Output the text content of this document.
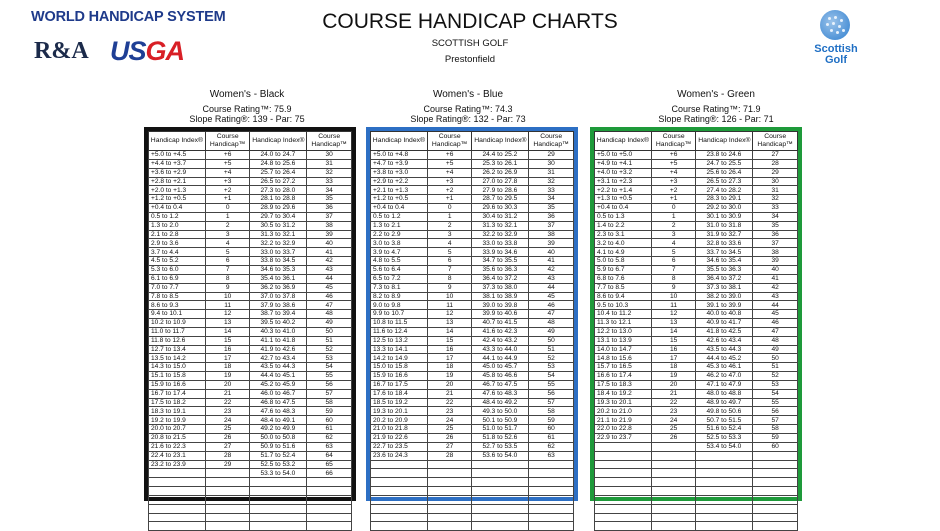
WORLD HANDICAP SYSTEM
R&A USGA
COURSE HANDICAP CHARTS
SCOTTISH GOLF
Prestonfield
Scottish
Golf
Women's - Black
Course Rating™: 75.9
Slope Rating®: 139 - Par: 75
Handicap Index®	Course Handicap™	Handicap Index®	Course Handicap™
+5.0 to +4.5	+6	24.0 to 24.7	30
+4.4 to +3.7	+5	24.8 to 25.6	31
+3.6 to +2.9	+4	25.7 to 26.4	32
+2.8 to +2.1	+3	26.5 to 27.2	33
+2.0 to +1.3	+2	27.3 to 28.0	34
+1.2 to +0.5	+1	28.1 to 28.8	35
+0.4 to 0.4	0	28.9 to 29.6	36
0.5 to 1.2	1	29.7 to 30.4	37
1.3 to 2.0	2	30.5 to 31.2	38
2.1 to 2.8	3	31.3 to 32.1	39
2.9 to 3.6	4	32.2 to 32.9	40
3.7 to 4.4	5	33.0 to 33.7	41
4.5 to 5.2	6	33.8 to 34.5	42
5.3 to 6.0	7	34.6 to 35.3	43
6.1 to 6.9	8	35.4 to 36.1	44
7.0 to 7.7	9	36.2 to 36.9	45
7.8 to 8.5	10	37.0 to 37.8	46
8.6 to 9.3	11	37.9 to 38.6	47
9.4 to 10.1	12	38.7 to 39.4	48
10.2 to 10.9	13	39.5 to 40.2	49
11.0 to 11.7	14	40.3 to 41.0	50
11.8 to 12.6	15	41.1 to 41.8	51
12.7 to 13.4	16	41.9 to 42.6	52
13.5 to 14.2	17	42.7 to 43.4	53
14.3 to 15.0	18	43.5 to 44.3	54
15.1 to 15.8	19	44.4 to 45.1	55
15.9 to 16.6	20	45.2 to 45.9	56
16.7 to 17.4	21	46.0 to 46.7	57
17.5 to 18.2	22	46.8 to 47.5	58
18.3 to 19.1	23	47.6 to 48.3	59
19.2 to 19.9	24	48.4 to 49.1	60
20.0 to 20.7	25	49.2 to 49.9	61
20.8 to 21.5	26	50.0 to 50.8	62
21.6 to 22.3	27	50.9 to 51.6	63
22.4 to 23.1	28	51.7 to 52.4	64
23.2 to 23.9	29	52.5 to 53.2	65
		53.3 to 54.0	66

Women's - Blue
Course Rating™: 74.3
Slope Rating®: 132 - Par: 73
Handicap Index®	Course Handicap™	Handicap Index®	Course Handicap™
+5.0 to +4.8	+6	24.4 to 25.2	29
+4.7 to +3.9	+5	25.3 to 26.1	30
+3.8 to +3.0	+4	26.2 to 26.9	31
+2.9 to +2.2	+3	27.0 to 27.8	32
+2.1 to +1.3	+2	27.9 to 28.6	33
+1.2 to +0.5	+1	28.7 to 29.5	34
+0.4 to 0.4	0	29.6 to 30.3	35
0.5 to 1.2	1	30.4 to 31.2	36
1.3 to 2.1	2	31.3 to 32.1	37
2.2 to 2.9	3	32.2 to 32.9	38
3.0 to 3.8	4	33.0 to 33.8	39
3.9 to 4.7	5	33.9 to 34.6	40
4.8 to 5.5	6	34.7 to 35.5	41
5.6 to 6.4	7	35.6 to 36.3	42
6.5 to 7.2	8	36.4 to 37.2	43
7.3 to 8.1	9	37.3 to 38.0	44
8.2 to 8.9	10	38.1 to 38.9	45
9.0 to 9.8	11	39.0 to 39.8	46
9.9 to 10.7	12	39.9 to 40.6	47
10.8 to 11.5	13	40.7 to 41.5	48
11.6 to 12.4	14	41.6 to 42.3	49
12.5 to 13.2	15	42.4 to 43.2	50
13.3 to 14.1	16	43.3 to 44.0	51
14.2 to 14.9	17	44.1 to 44.9	52
15.0 to 15.8	18	45.0 to 45.7	53
15.9 to 16.6	19	45.8 to 46.6	54
16.7 to 17.5	20	46.7 to 47.5	55
17.6 to 18.4	21	47.6 to 48.3	56
18.5 to 19.2	22	48.4 to 49.2	57
19.3 to 20.1	23	49.3 to 50.0	58
20.2 to 20.9	24	50.1 to 50.9	59
21.0 to 21.8	25	51.0 to 51.7	60
21.9 to 22.6	26	51.8 to 52.6	61
22.7 to 23.5	27	52.7 to 53.5	62
23.6 to 24.3	28	53.6 to 54.0	63

Women's - Green
Course Rating™: 71.9
Slope Rating®: 126 - Par: 71
Handicap Index®	Course Handicap™	Handicap Index®	Course Handicap™
+5.0 to +5.0	+6	23.8 to 24.6	27
+4.9 to +4.1	+5	24.7 to 25.5	28
+4.0 to +3.2	+4	25.6 to 26.4	29
+3.1 to +2.3	+3	26.5 to 27.3	30
+2.2 to +1.4	+2	27.4 to 28.2	31
+1.3 to +0.5	+1	28.3 to 29.1	32
+0.4 to 0.4	0	29.2 to 30.0	33
0.5 to 1.3	1	30.1 to 30.9	34
1.4 to 2.2	2	31.0 to 31.8	35
2.3 to 3.1	3	31.9 to 32.7	36
3.2 to 4.0	4	32.8 to 33.6	37
4.1 to 4.9	5	33.7 to 34.5	38
5.0 to 5.8	6	34.6 to 35.4	39
5.9 to 6.7	7	35.5 to 36.3	40
6.8 to 7.6	8	36.4 to 37.2	41
7.7 to 8.5	9	37.3 to 38.1	42
8.6 to 9.4	10	38.2 to 39.0	43
9.5 to 10.3	11	39.1 to 39.9	44
10.4 to 11.2	12	40.0 to 40.8	45
11.3 to 12.1	13	40.9 to 41.7	46
12.2 to 13.0	14	41.8 to 42.5	47
13.1 to 13.9	15	42.6 to 43.4	48
14.0 to 14.7	16	43.5 to 44.3	49
14.8 to 15.6	17	44.4 to 45.2	50
15.7 to 16.5	18	45.3 to 46.1	51
16.6 to 17.4	19	46.2 to 47.0	52
17.5 to 18.3	20	47.1 to 47.9	53
18.4 to 19.2	21	48.0 to 48.8	54
19.3 to 20.1	22	48.9 to 49.7	55
20.2 to 21.0	23	49.8 to 50.6	56
21.1 to 21.9	24	50.7 to 51.5	57
22.0 to 22.8	25	51.6 to 52.4	58
22.9 to 23.7	26	52.5 to 53.3	59
		53.4 to 54.0	60
